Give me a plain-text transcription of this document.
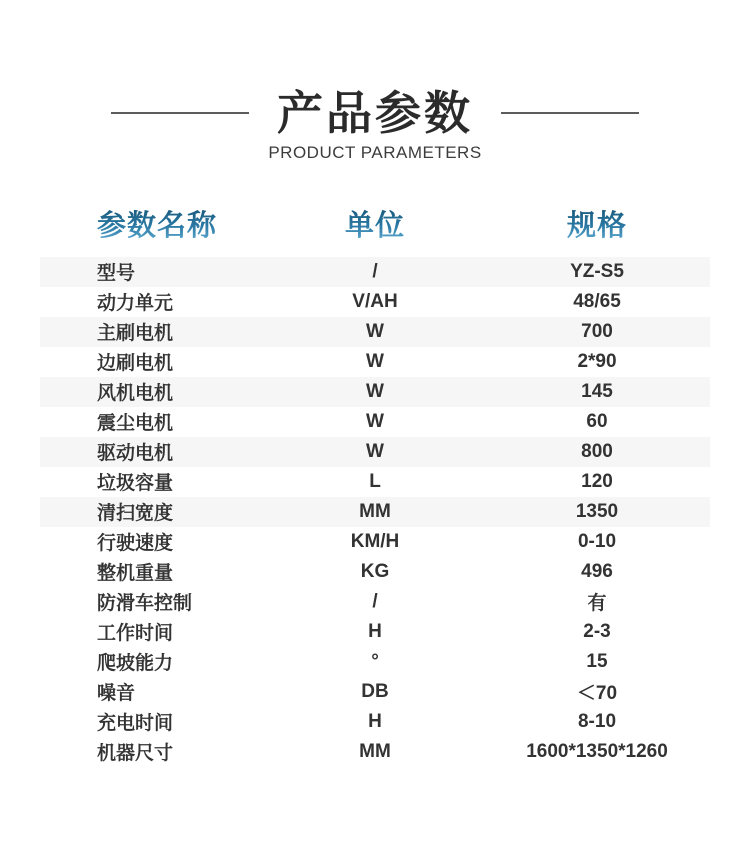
产品参数
PRODUCT PARAMETERS
参数名称	单位	规格
型号	/	YZ-S5
动力单元	V/AH	48/65
主刷电机	W	700
边刷电机	W	2*90
风机电机	W	145
震尘电机	W	60
驱动电机	W	800
垃圾容量	L	120
清扫宽度	MM	1350
行驶速度	KM/H	0-10
整机重量	KG	496
防滑车控制	/	有
工作时间	H	2-3
爬坡能力	°	15
噪音	DB	＜70
充电时间	H	8-10
机器尺寸	MM	1600*1350*1260
